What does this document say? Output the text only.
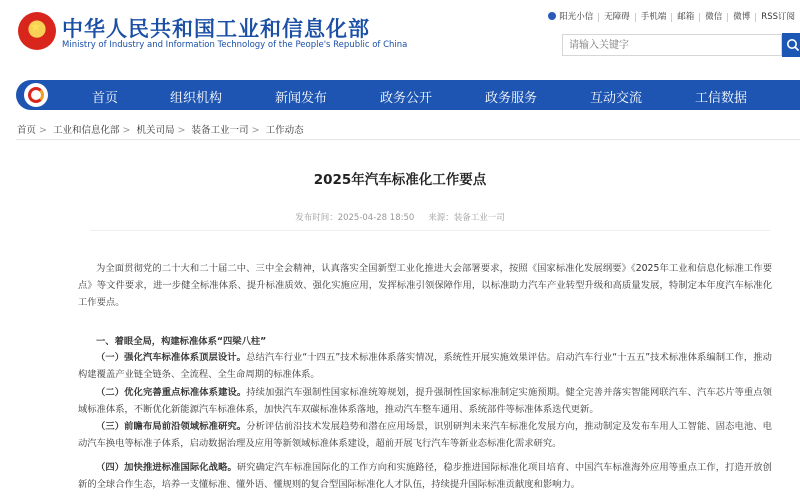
★ 中华人民共和国工业和信息化部
Ministry of Industry and Information Technology of the People's Republic of China
阳光小信	无障碍	手机端	邮箱	微信	微博	RSS订阅
请输入关键字
首页	组织机构	新闻发布	政务公开	政务服务	互动交流	工信数据
首页 > 工业和信息化部 > 机关司局 > 装备工业一司 > 工作动态
2025年汽车标准化工作要点
发布时间：2025-04-28 18:50 来源：装备工业一司
为全面贯彻党的二十大和二十届二中、三中全会精神，认真落实全国新型工业化推进大会部署要求，按照《国家标准化发展纲要》《2025年工业和信息化标准工作要点》等文件要求，进一步健全标准体系、提升标准质效、强化实施应用，发挥标准引领保障作用，以标准助力汽车产业转型升级和高质量发展，特制定本年度汽车标准化工作要点。
一、着眼全局，构建标准体系“四梁八柱”
（一）强化汽车标准体系顶层设计。总结汽车行业“十四五”技术标准体系落实情况，系统性开展实施效果评估。启动汽车行业“十五五”技术标准体系编制工作，推动构建覆盖产业链全链条、全流程、全生命周期的标准体系。
（二）优化完善重点标准体系建设。持续加强汽车强制性国家标准统筹规划，提升强制性国家标准制定实施预期。健全完善并落实智能网联汽车、汽车芯片等重点领域标准体系，不断优化新能源汽车标准体系，加快汽车双碳标准体系落地，推动汽车整车通用、系统部件等标准体系迭代更新。
（三）前瞻布局前沿领域标准研究。分析评估前沿技术发展趋势和潜在应用场景，识别研判未来汽车标准化发展方向，推动制定及发布车用人工智能、固态电池、电动汽车换电等标准子体系，启动数据治理及应用等新领域标准体系建设，超前开展飞行汽车等新业态标准化需求研究。
（四）加快推进标准国际化战略。研究确定汽车标准国际化的工作方向和实施路径，稳步推进国际标准化项目培育、中国汽车标准海外应用等重点工作，打造开放创新的全球合作生态，培养一支懂标准、懂外语、懂规则的复合型国际标准化人才队伍，持续提升国际标准贡献度和影响力。
